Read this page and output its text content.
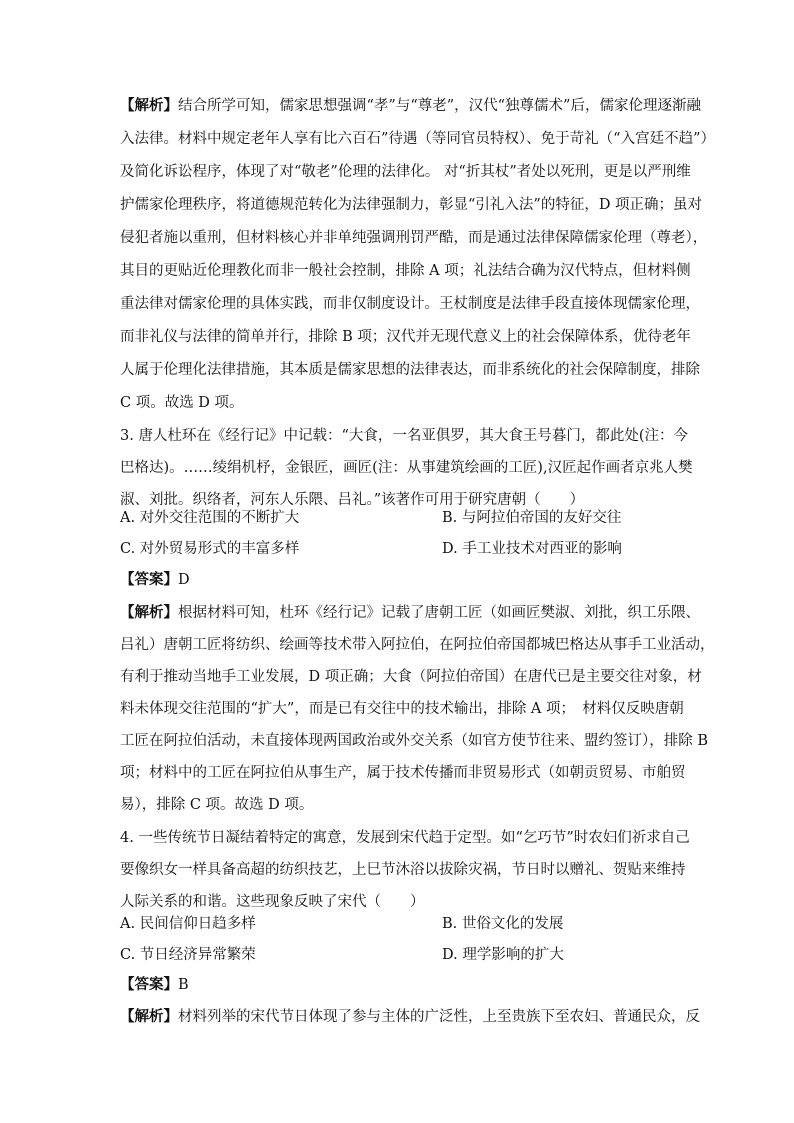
【解析】结合所学可知，儒家思想强调“孝”与“尊老”，汉代“独尊儒术”后，儒家伦理逐渐融
入法律。材料中规定老年人享有比六百石”待遇（等同官员特权）、免于苛礼（“入宫廷不趋”）
及简化诉讼程序，体现了对“敬老”伦理的法律化。 对“折其杖”者处以死刑，更是以严刑维
护儒家伦理秩序，将道德规范转化为法律强制力，彰显“引礼入法”的特征，D 项正确；虽对
侵犯者施以重刑，但材料核心并非单纯强调刑罚严酷，而是通过法律保障儒家伦理（尊老），
其目的更贴近伦理教化而非一般社会控制，排除 A 项；礼法结合确为汉代特点，但材料侧
重法律对儒家伦理的具体实践，而非仅制度设计。王杖制度是法律手段直接体现儒家伦理，
而非礼仪与法律的简单并行，排除 B 项；汉代并无现代意义上的社会保障体系，优待老年
人属于伦理化法律措施，其本质是儒家思想的法律表达，而非系统化的社会保障制度，排除
C 项。故选 D 项。
3. 唐人杜环在《经行记》中记载：“大食，一名亚俱罗，其大食王号暮门，都此处(注：今
巴格达)。……绫绢机杼，金银匠，画匠(注：从事建筑绘画的工匠),汉匠起作画者京兆人樊
淑、刘批。织络者，河东人乐隈、吕礼。”该著作可用于研究唐朝（　　）
A. 对外交往范围的不断扩大	B. 与阿拉伯帝国的友好交往
C. 对外贸易形式的丰富多样	D. 手工业技术对西亚的影响
【答案】D
【解析】根据材料可知，杜环《经行记》记载了唐朝工匠（如画匠樊淑、刘批，织工乐隈、
吕礼）唐朝工匠将纺织、绘画等技术带入阿拉伯，在阿拉伯帝国都城巴格达从事手工业活动，
有利于推动当地手工业发展，D 项正确；大食（阿拉伯帝国）在唐代已是主要交往对象，材
料未体现交往范围的“扩大”，而是已有交往中的技术输出，排除 A 项；　材料仅反映唐朝
工匠在阿拉伯活动，未直接体现两国政治或外交关系（如官方使节往来、盟约签订），排除 B
项；材料中的工匠在阿拉伯从事生产，属于技术传播而非贸易形式（如朝贡贸易、市舶贸
易），排除 C 项。故选 D 项。
4. 一些传统节日凝结着特定的寓意，发展到宋代趋于定型。如“乞巧节”时农妇们祈求自己
要像织女一样具备高超的纺织技艺，上巳节沐浴以拔除灾祸，节日时以赠礼、贺贴来维持
人际关系的和谐。这些现象反映了宋代（　　）
A. 民间信仰日趋多样	B. 世俗文化的发展
C. 节日经济异常繁荣	D. 理学影响的扩大
【答案】B
【解析】材料列举的宋代节日体现了参与主体的广泛性，上至贵族下至农妇、普通民众，反
